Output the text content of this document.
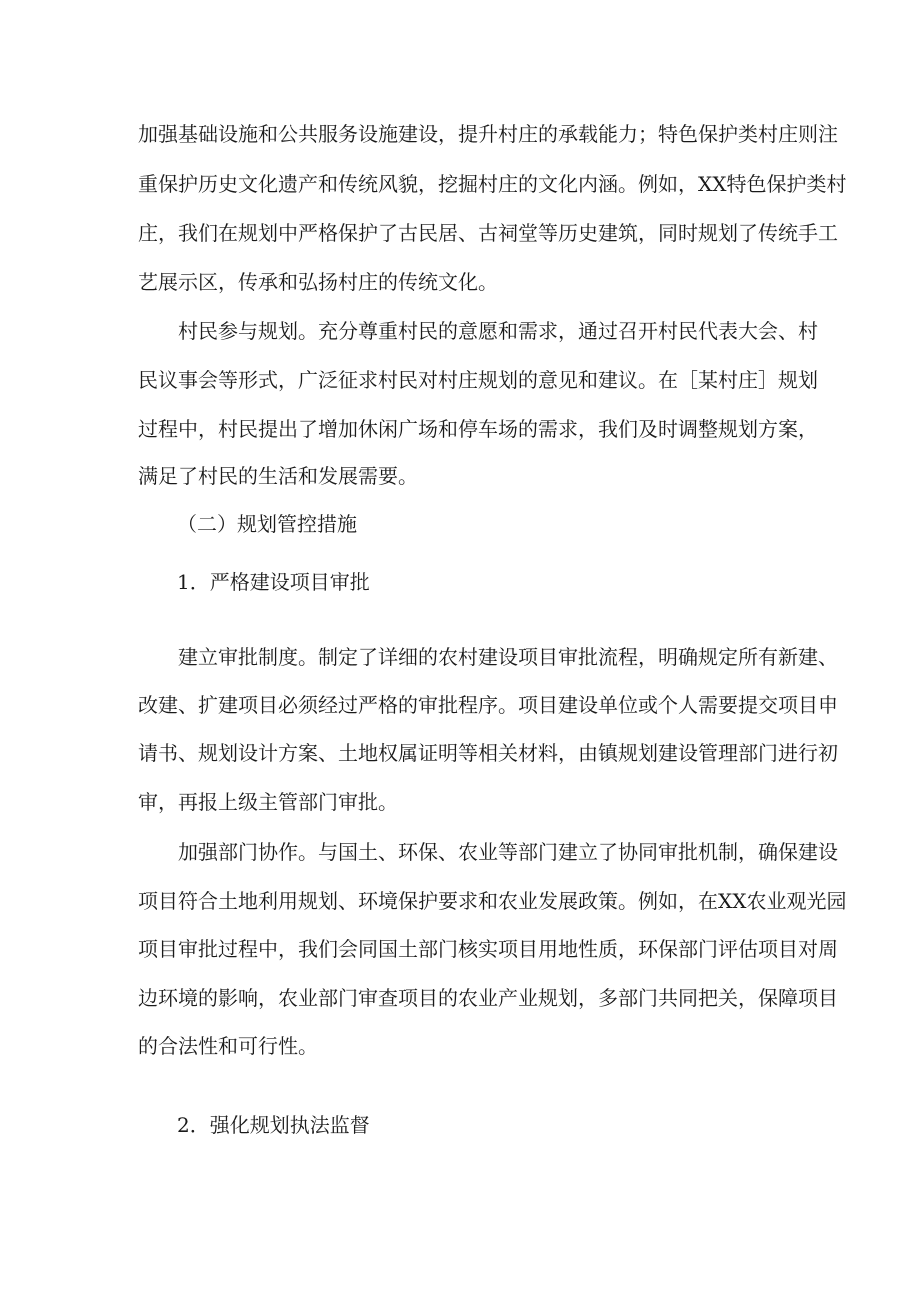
加强基础设施和公共服务设施建设，提升村庄的承载能力；特色保护类村庄则注

重保护历史文化遗产和传统风貌，挖掘村庄的文化内涵。例如，XX特色保护类村

庄，我们在规划中严格保护了古民居、古祠堂等历史建筑，同时规划了传统手工

艺展示区，传承和弘扬村庄的传统文化。

村民参与规划。充分尊重村民的意愿和需求，通过召开村民代表大会、村

民议事会等形式，广泛征求村民对村庄规划的意见和建议。在［某村庄］规划

过程中，村民提出了增加休闲广场和停车场的需求，我们及时调整规划方案，

满足了村民的生活和发展需要。

（二）规划管控措施

1．严格建设项目审批

建立审批制度。制定了详细的农村建设项目审批流程，明确规定所有新建、

改建、扩建项目必须经过严格的审批程序。项目建设单位或个人需要提交项目申

请书、规划设计方案、土地权属证明等相关材料，由镇规划建设管理部门进行初

审，再报上级主管部门审批。

加强部门协作。与国土、环保、农业等部门建立了协同审批机制，确保建设

项目符合土地利用规划、环境保护要求和农业发展政策。例如，在XX农业观光园

项目审批过程中，我们会同国土部门核实项目用地性质，环保部门评估项目对周

边环境的影响，农业部门审查项目的农业产业规划，多部门共同把关，保障项目

的合法性和可行性。

2．强化规划执法监督
